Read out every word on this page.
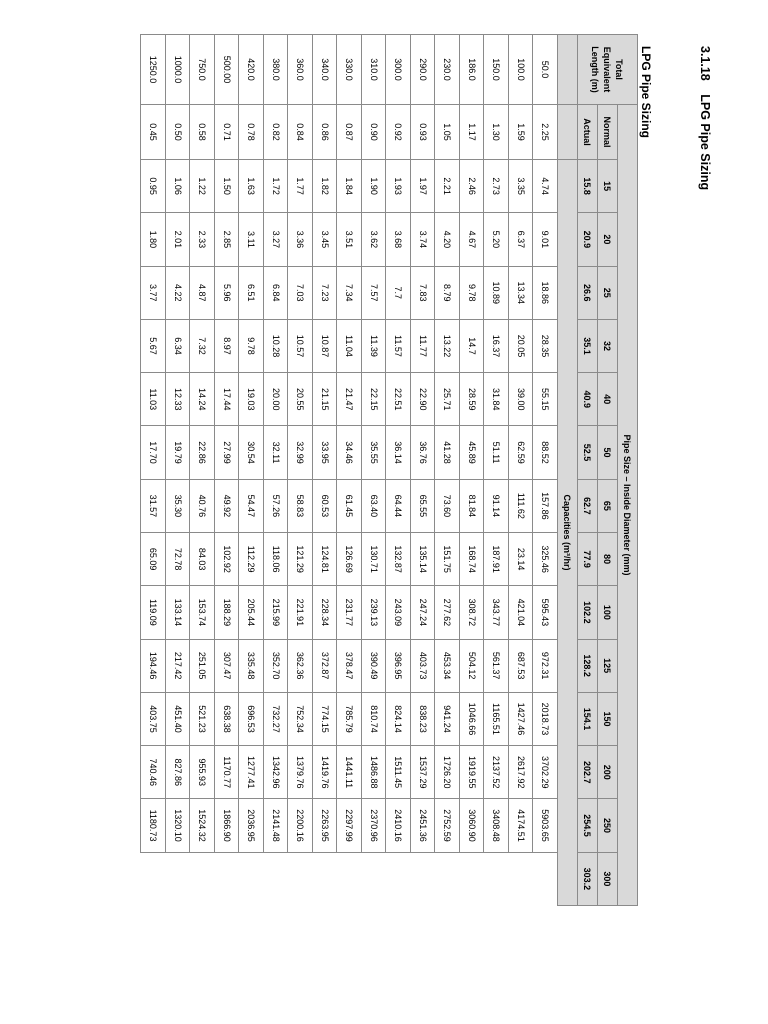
3.1.18 LPG Pipe Sizing
LPG Pipe Sizing
Total
Equivalent
Length (m)	Pipe Size – Inside Diameter (mm)														
	Normal	15	20	25	32	40	50	65	80	100	125	150	200	250	300
	Actual	15.8	20.9	26.6	35.1	40.9	52.5	62.7	77.9	102.2	128.2	154.1	202.7	254.5	303.2
		Capacities (m³/hr)													
50.0	2.25	4.74	9.01	18.86	28.35	55.15	88.52	157.86	325.46	595.43	972.31	2018.73	3702.29	5903.65	
100.0	1.59	3.35	6.37	13.34	20.05	39.00	62.59	111.62	23.14	421.04	687.53	1427.46	2617.92	4174.51	
150.0	1.30	2.73	5.20	10.89	16.37	31.84	51.11	91.14	187.91	343.77	561.37	1165.51	2137.52	3408.48	
186.0	1.17	2.46	4.67	9.78	14.7	28.59	45.89	81.84	168.74	308.72	504.12	1046.66	1919.55	3060.90	
230.0	1.05	2.21	4.20	8.79	13.22	25.71	41.28	73.60	151.75	277.62	453.34	941.24	1726.20	2752.59	
290.0	0.93	1.97	3.74	7.83	11.77	22.90	36.76	65.55	135.14	247.24	403.73	838.23	1537.29	2451.36	
300.0	0.92	1.93	3.68	7.7	11.57	22.51	36.14	64.44	132.87	243.09	396.95	824.14	1511.45	2410.16	
310.0	0.90	1.90	3.62	7.57	11.39	22.15	35.55	63.40	130.71	239.13	390.49	810.74	1486.88	2370.96	
330.0	0.87	1.84	3.51	7.34	11.04	21.47	34.46	61.45	126.69	231.77	378.47	785.79	1441.11	2297.99	
340.0	0.86	1.82	3.45	7.23	10.87	21.15	33.95	60.53	124.81	228.34	372.87	774.15	1419.76	2263.95	
360.0	0.84	1.77	3.36	7.03	10.57	20.55	32.99	58.83	121.29	221.91	362.36	752.34	1379.76	2200.16	
380.0	0.82	1.72	3.27	6.84	10.28	20.00	32.11	57.26	118.06	215.99	352.70	732.27	1342.96	2141.48	
420.0	0.78	1.63	3.11	6.51	9.78	19.03	30.54	54.47	112.29	205.44	335.48	696.53	1277.41	2036.95	
500.00	0.71	1.50	2.85	5.96	8.97	17.44	27.99	49.92	102.92	188.29	307.47	638.38	1170.77	1866.90	
750.0	0.58	1.22	2.33	4.87	7.32	14.24	22.86	40.76	84.03	153.74	251.05	521.23	955.93	1524.32	
1000.0	0.50	1.06	2.01	4.22	6.34	12.33	19.79	35.30	72.78	133.14	217.42	451.40	827.86	1320.10	
1250.0	0.45	0.95	1.80	3.77	5.67	11.03	17.70	31.57	65.09	119.09	194.46	403.75	740.46	1180.73	
